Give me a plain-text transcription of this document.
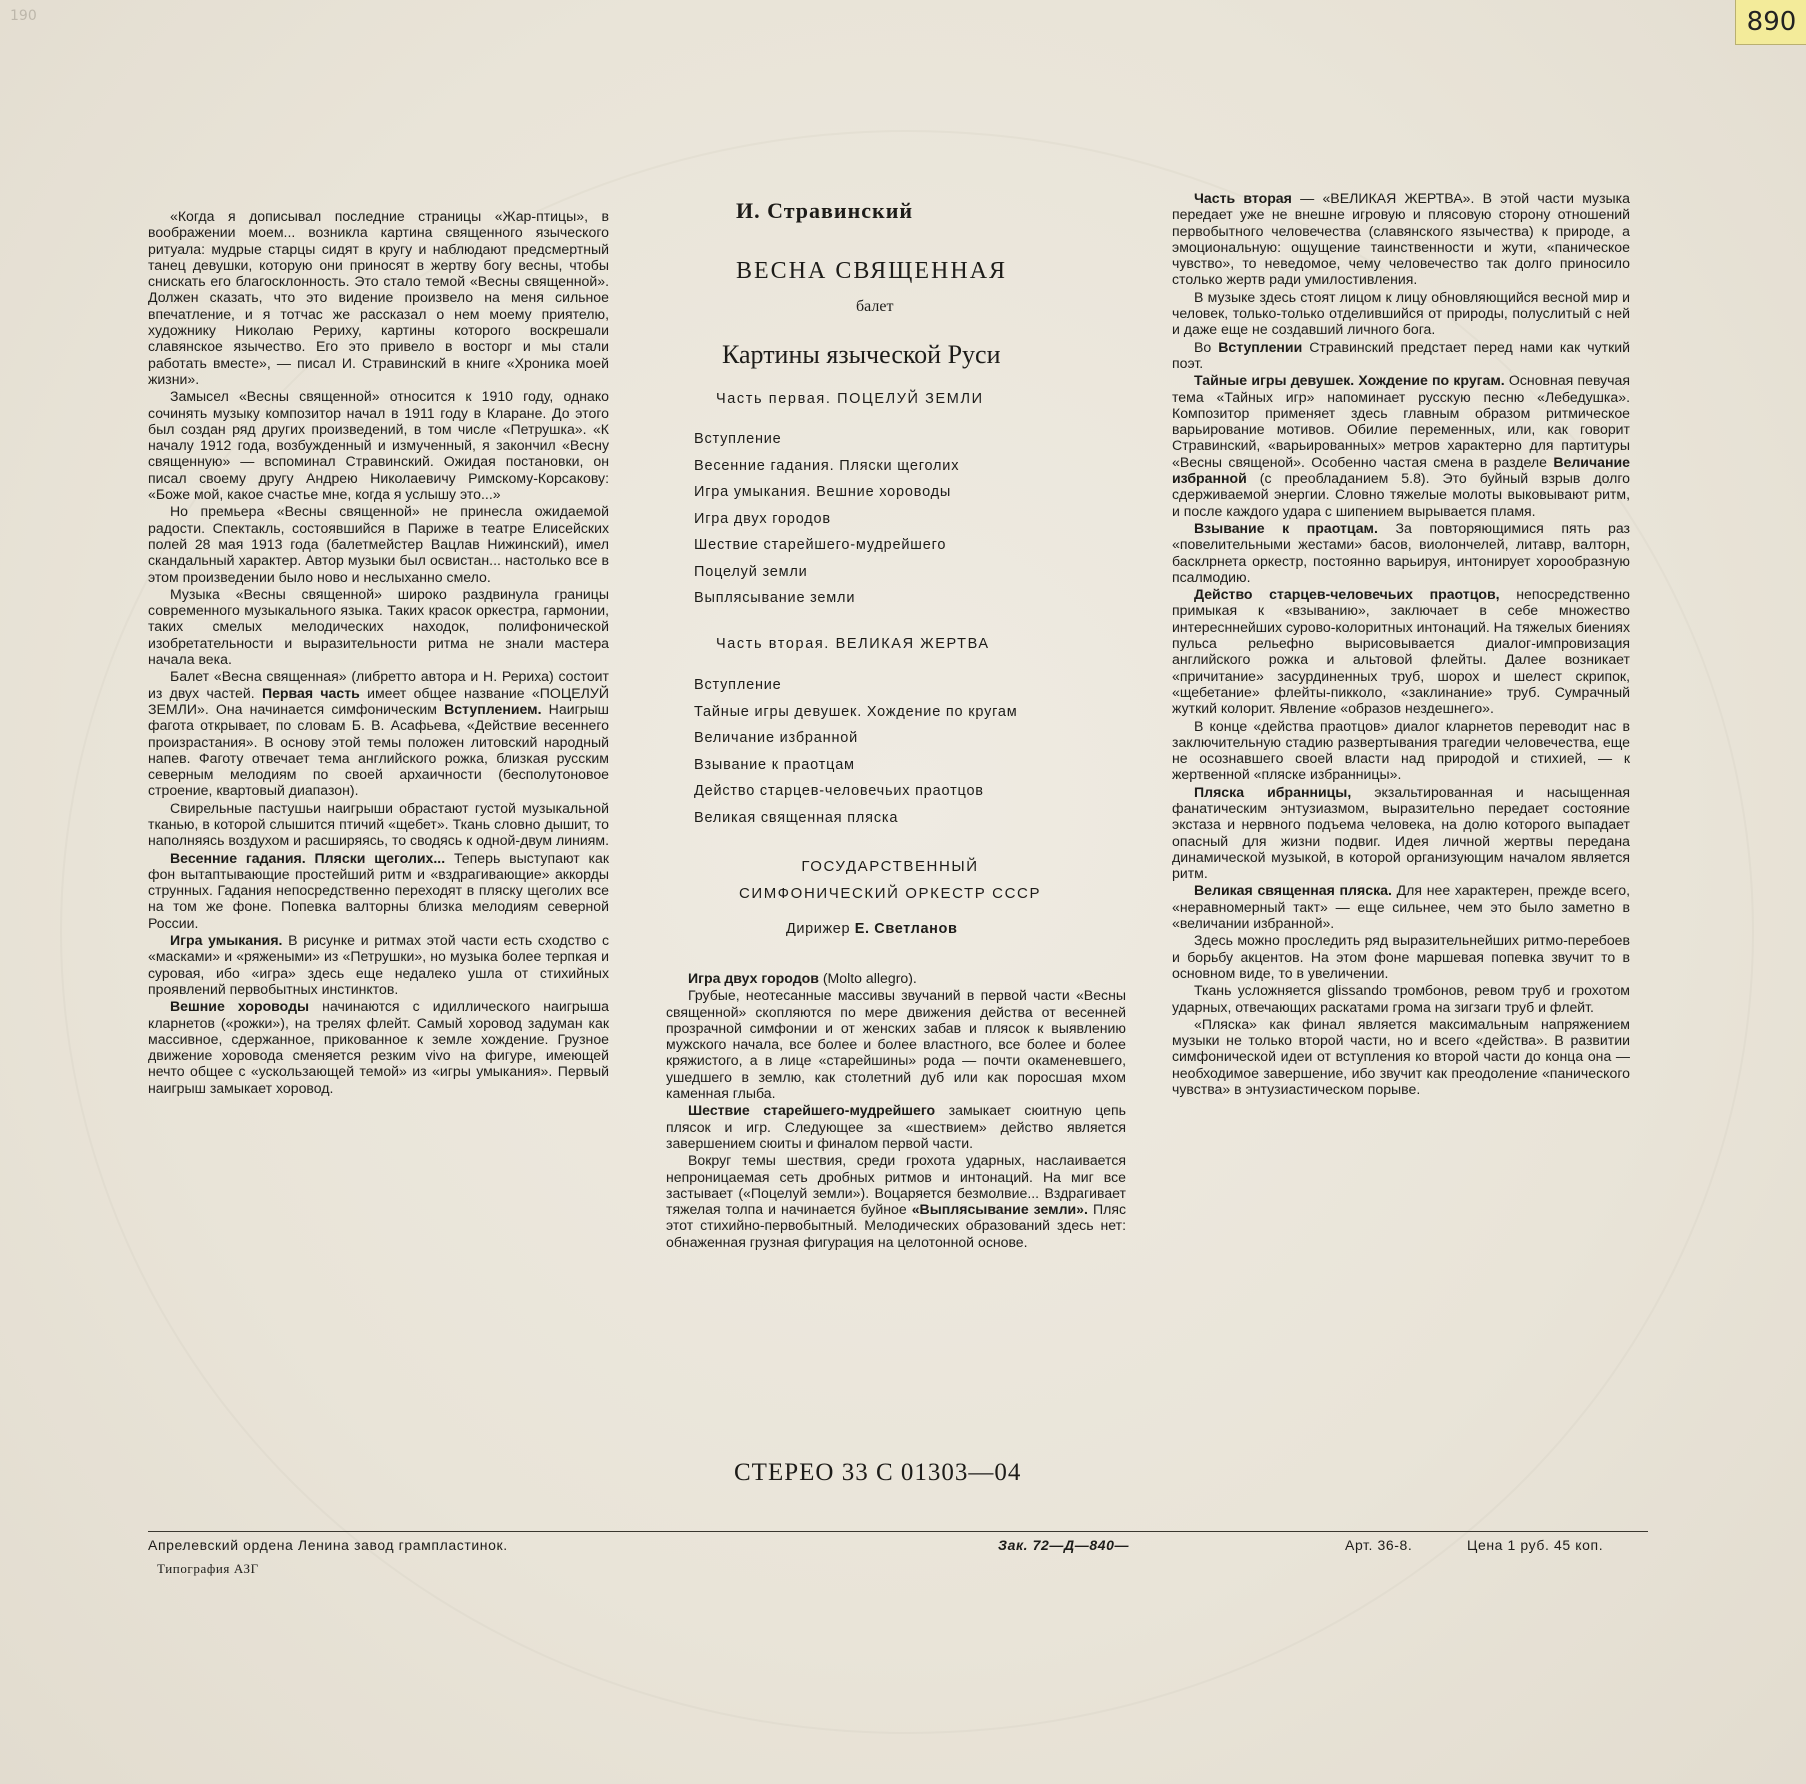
190	890

«Когда я дописывал последние страницы «Жар-птицы», в воображении моем... возникла картина священного языческого ритуала: мудрые старцы сидят в кругу и наблюдают предсмертный танец девушки, которую они приносят в жертву богу весны, чтобы снискать его благосклонность. Это стало темой «Весны священной». Должен сказать, что это видение произвело на меня сильное впечатление, и я тотчас же рассказал о нем моему приятелю, художнику Николаю Рериху, картины которого воскрешали славянское язычество. Его это привело в восторг и мы стали работать вместе», — писал И. Стравинский в книге «Хроника моей жизни».

Замысел «Весны священной» относится к 1910 году, однако сочинять музыку композитор начал в 1911 году в Кларане. До этого был создан ряд других произведений, в том числе «Петрушка». «К началу 1912 года, возбужденный и измученный, я закончил «Весну священную» — вспоминал Стравинский. Ожидая постановки, он писал своему другу Андрею Николаевичу Римскому-Корсакову: «Боже мой, какое счастье мне, когда я услышу это...»

Но премьера «Весны священной» не принесла ожидаемой радости. Спектакль, состоявшийся в Париже в театре Елисейских полей 28 мая 1913 года (балетмейстер Вацлав Нижинский), имел скандальный характер. Автор музыки был освистан... настолько все в этом произведении было ново и неслыханно смело.

Музыка «Весны священной» широко раздвинула границы современного музыкального языка. Таких красок оркестра, гармонии, таких смелых мелодических находок, полифонической изобретательности и выразительности ритма не знали мастера начала века.

Балет «Весна священная» (либретто автора и Н. Рериха) состоит из двух частей. Первая часть имеет общее название «ПОЦЕЛУЙ ЗЕМЛИ». Она начинается симфоническим Вступлением. Наигрыш фагота открывает, по словам Б. В. Асафьева, «Действие весеннего произрастания». В основу этой темы положен литовский народный напев. Фаготу отвечает тема английского рожка, близкая русским северным мелодиям по своей архаичности (бесполутоновое строение, квартовый диапазон).

Свирельные пастушьи наигрыши обрастают густой музыкальной тканью, в которой слышится птичий «щебет». Ткань словно дышит, то наполняясь воздухом и расширяясь, то сводясь к одной-двум линиям.

Весенние гадания. Пляски щеголих... Теперь выступают как фон вытаптывающие простейший ритм и «вздрагивающие» аккорды струнных. Гадания непосредственно переходят в пляску щеголих все на том же фоне. Попевка валторны близка мелодиям северной России.

Игра умыкания. В рисунке и ритмах этой части есть сходство с «масками» и «ряжеными» из «Петрушки», но музыка более терпкая и суровая, ибо «игра» здесь еще недалеко ушла от стихийных проявлений первобытных инстинктов.

Вешние хороводы начинаются с идиллического наигрыша кларнетов («рожки»), на трелях флейт. Самый хоровод задуман как массивное, сдержанное, прикованное к земле хождение. Грузное движение хоровода сменяется резким vivo на фигуре, имеющей нечто общее с «ускользающей темой» из «игры умыкания». Первый наигрыш замыкает хоровод.

И. Стравинский
ВЕСНА СВЯЩЕННАЯ
балет
Картины языческой Руси
Часть первая. ПОЦЕЛУЙ ЗЕМЛИ
Вступление
Весенние гадания. Пляски щеголих
Игра умыкания. Вешние хороводы
Игра двух городов
Шествие старейшего-мудрейшего
Поцелуй земли
Выплясывание земли
Часть вторая. ВЕЛИКАЯ ЖЕРТВА
Вступление
Тайные игры девушек. Хождение по кругам
Величание избранной
Взывание к праотцам
Действо старцев-человечьих праотцов
Великая священная пляска
ГОСУДАРСТВЕННЫЙ
СИМФОНИЧЕСКИЙ ОРКЕСТР СССР
Дирижер Е. Светланов

Игра двух городов (Molto allegro).

Грубые, неотесанные массивы звучаний в первой части «Весны священной» скопляются по мере движения действа от весенней прозрачной симфонии и от женских забав и плясок к выявлению мужского начала, все более и более властного, все более и более кряжистого, а в лице «старейшины» рода — почти окаменевшего, ушедшего в землю, как столетний дуб или как поросшая мхом каменная глыба.

Шествие старейшего-мудрейшего замыкает сюитную цепь плясок и игр. Следующее за «шествием» действо является завершением сюиты и финалом первой части.

Вокруг темы шествия, среди грохота ударных, наслаивается непроницаемая сеть дробных ритмов и интонаций. На миг все застывает («Поцелуй земли»). Воцаряется безмолвие... Вздрагивает тяжелая толпа и начинается буйное «Выплясывание земли». Пляс этот стихийно-первобытный. Мелодических образований здесь нет: обнаженная грузная фигурация на целотонной основе.

Часть вторая — «ВЕЛИКАЯ ЖЕРТВА». В этой части музыка передает уже не внешне игровую и плясовую сторону отношений первобытного человечества (славянского язычества) к природе, а эмоциональную: ощущение таинственности и жути, «паническое чувство», то неведомое, чему человечество так долго приносило столько жертв ради умилостивления.

В музыке здесь стоят лицом к лицу обновляющийся весной мир и человек, только-только отделившийся от природы, полуслитый с ней и даже еще не создавший личного бога.

Во Вступлении Стравинский предстает перед нами как чуткий поэт.

Тайные игры девушек. Хождение по кругам. Основная певучая тема «Тайных игр» напоминает русскую песню «Лебедушка». Композитор применяет здесь главным образом ритмическое варьирование мотивов. Обилие переменных, или, как говорит Стравинский, «варьированных» метров характерно для партитуры «Весны священой». Особенно частая смена в разделе Величание избранной (с преобладанием 5.8). Это буйный взрыв долго сдерживаемой энергии. Словно тяжелые молоты выковывают ритм, и после каждого удара с шипением вырывается пламя.

Взывание к праотцам. За повторяющимися пять раз «повелительными жестами» басов, виолончелей, литавр, валторн, басклрнета оркестр, постоянно варьируя, интонирует хорообразную псалмодию.

Действо старцев-человечьих праотцов, непосредственно примыкая к «взыванию», заключает в себе множество интересннейших сурово-колоритных интонаций. На тяжелых биениях пульса рельефно вырисовывается диалог-импровизация английского рожка и альтовой флейты. Далее возникает «причитание» засурдиненных труб, шорох и шелест скрипок, «щебетание» флейты-пикколо, «заклинание» труб. Сумрачный жуткий колорит. Явление «образов нездешнего».

В конце «действа праотцов» диалог кларнетов переводит нас в заключительную стадию развертывания трагедии человечества, еще не осознавшего своей власти над природой и стихией, — к жертвенной «пляске избранницы».

Пляска ибранницы, экзальтированная и насыщенная фанатическим энтузиазмом, выразительно передает состояние экстаза и нервного подъема человека, на долю которого выпадает опасный для жизни подвиг. Идея личной жертвы передана динамической музыкой, в которой организующим началом является ритм.

Великая священная пляска. Для нее характерен, прежде всего, «неравномерный такт» — еще сильнее, чем это было заметно в «величании избранной».

Здесь можно проследить ряд выразительнейших ритмо-перебоев и борьбу акцентов. На этом фоне маршевая попевка звучит то в основном виде, то в увеличении.

Ткань усложняется glissando тромбонов, ревом труб и грохотом ударных, отвечающих раскатами грома на зигзаги труб и флейт.

«Пляска» как финал является максимальным напряжением музыки не только второй части, но и всего «действа». В развитии симфонической идеи от вступления ко второй части до конца она — необходимое завершение, ибо звучит как преодоление «панического чувства» в энтузиастическом порыве.

СТЕРЕО 33 С 01303—04
Апрелевский ордена Ленина завод грампластинок.	Зак. 72—Д—840—	Арт. 36-8.	Цена 1 руб. 45 коп.
Типография АЗГ
